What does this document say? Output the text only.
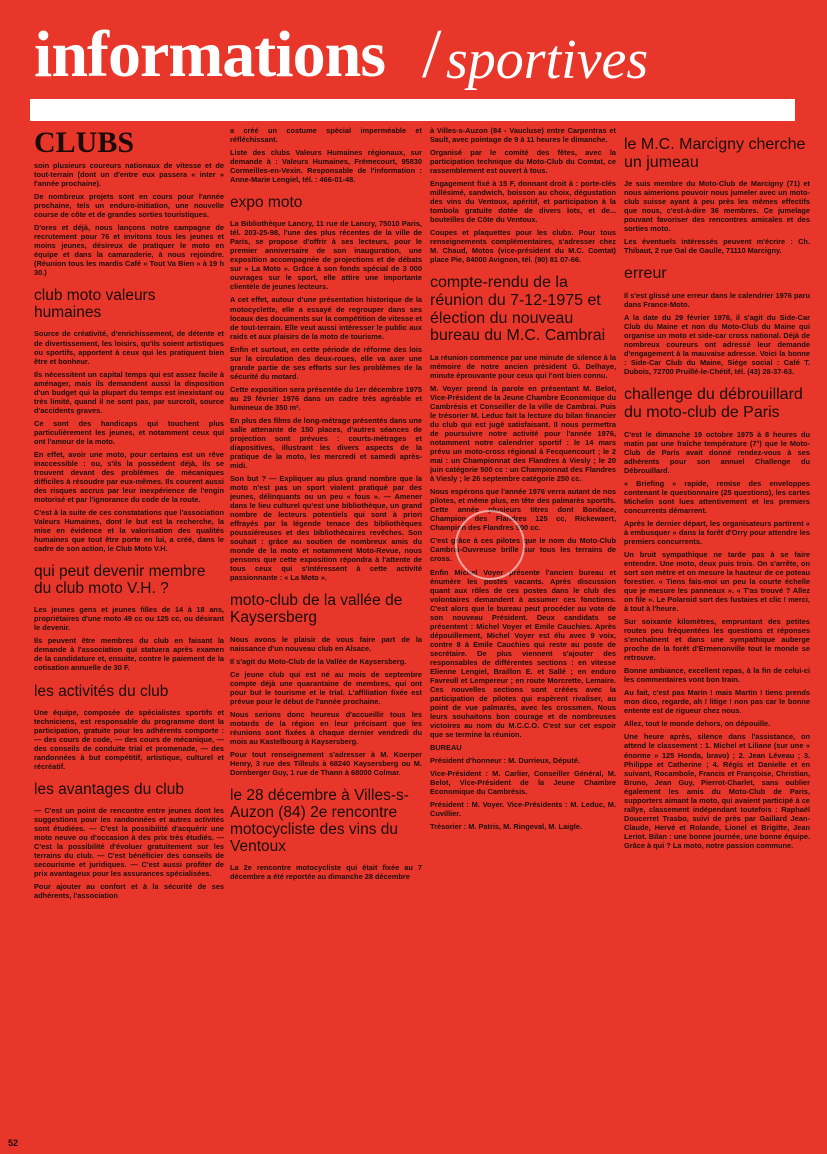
informations / sportives
CLUBS

soin plusieurs coureurs nationaux de vitesse et de tout-terrain (dont un d'entre eux passera « inter » l'année prochaine).

De nombreux projets sont en cours pour l'année prochaine, tels un enduro-initiation, une nouvelle course de côte et de grandes sorties touristiques.

D'ores et déjà, nous lançons notre campagne de recrutement pour 76 et invitons tous les jeunes et moins jeunes, désireux de pratiquer le moto en équipe et dans la camaraderie, à nous rejoindre. (Réunion tous les mardis Café « Tout Va Bien » à 19 h 30.)

club moto valeurs humaines

Source de créativité, d'enrichissement, de détente et de divertissement, les loisirs, qu'ils soient artistiques ou sportifs, apportent à ceux qui les pratiquent bien être et bonheur.

Ils nécessitent un capital temps qui est assez facile à aménager, mais ils demandent aussi la disposition d'un budget qui la plupart du temps est inexistant ou très limité, quand il ne sont pas, par surcroît, source d'accidents graves.

Ce sont des handicaps qui touchent plus particulièrement les jeunes, et notamment ceux qui ont l'amour de la moto.

En effet, avoir une moto, pour certains est un rêve inaccessible : ou, s'ils la possèdent déjà, ils se trouvent devant des problèmes de mécaniques difficiles à résoudre par eux-mêmes. Ils courent aussi des risques accrus par leur inexpérience de l'engin motorisé et par l'ignorance du code de la route.

C'est à la suite de ces constatations que l'association Valeurs Humaines, dont le but est la recherche, la mise en évidence et la valorisation des qualités humaines que tout être porte en lui, a créé, dans le cadre de son action, le Club Moto V.H.

qui peut devenir membre du club moto V.H. ?

Les jeunes gens et jeunes filles de 14 à 18 ans, propriétaires d'une moto 49 cc ou 125 cc, ou désirant le devenir.

Ils peuvent être membres du club en faisant la demande à l'association qui statuera après examen de la candidature et, ensuite, contre le paiement de la cotisation annuelle de 30 F.

les activités du club

Une équipe, composée de spécialistes sportifs et techniciens, est responsable du programme dont la participation, gratuite pour les adhérents comporte : — des cours de code, — des cours de mécanique, — des conseils de conduite trial et promenade, — des randonnées à but compétitif, artistique, culturel et récréatif.

les avantages du club

— C'est un point de rencontre entre jeunes dont les suggestions pour les randonnées et autres activités sont étudiées. — C'est la possibilité d'acquérir une moto neuve ou d'occasion à des prix très étudiés. — C'est la possibilité d'évoluer gratuitement sur les terrains du club. — C'est bénéficier des conseils de secourisme et juridiques. — C'est aussi profiter de prix avantageux pour les assurances spécialisées.

Pour ajouter au confort et à la sécurité de ses adhérents, l'association

a créé un costume spécial imperméable et réfléchissant.

Liste des clubs Valeurs Humaines régionaux, sur demande à : Valeurs Humaines, Frémecourt, 95830 Cormeilles-en-Vexin. Responsable de l'information : Anne-Marie Lengiel, tél. : 466-01-48.

expo moto

La Bibliothèque Lancry, 11 rue de Lancry, 75010 Paris, tél. 203-25-98, l'une des plus récentes de la ville de Paris, se propose d'offrir à ses lecteurs, pour le premier anniversaire de son inauguration, une exposition accompagnée de projections et de débats sur « La Moto ». Grâce à son fonds spécial de 3 000 ouvrages sur le sport, elle attire une importante clientèle de jeunes lecteurs.

A cet effet, autour d'une présentation historique de la motocyclette, elle a essayé de regrouper dans ses locaux des documents sur la compétition de vitesse et de tout-terrain. Elle veut aussi intéresser le public aux raids et aux plaisirs de la moto de tourisme.

Enfin et surtout, en cette période de réforme des lois sur la circulation des deux-roues, elle va axer une grande partie de ses efforts sur les problèmes de la sécurité du motard.

Cette exposition sera présentée du 1er décembre 1975 au 29 février 1976 dans un cadre très agréable et lumineux de 350 m².

En plus des films de long-métrage présentés dans une salle attenante de 150 places, d'autres séances de projection sont prévues : courts-métrages et diapositives, illustrant les divers aspects de la pratique de la moto, les mercredi et samedi après-midi.

Son but ? — Expliquer au plus grand nombre que la moto n'est pas un sport violent pratiqué par des jeunes, délinquants ou un peu « fous ». — Amener dans le lieu culturel qu'est une bibliothèque, un grand nombre de lecteurs potentiels qui sont à priori effrayés par la légende tenace des bibliothèques poussiéreuses et des bibliothécaires revêches. Son souhait : grâce au soutien de nombreux amis du monde de la moto et notamment Moto-Revue, nous pensons que cette exposition répondra à l'attente de tous ceux qui s'intéressent à cette activité passionnante : « La Moto ».

moto-club de la vallée de Kaysersberg

Nous avons le plaisir de vous faire part de la naissance d'un nouveau club en Alsace.

Il s'agit du Moto-Club de la Vallée de Kaysersberg.

Ce jeune club qui est né au mois de septembre compte déjà une quarantaine de membres, qui ont pour but le tourisme et le trial. L'affiliation fixée est prévue pour le début de l'année prochaine.

Nous serions donc heureux d'accueillir tous les motards de la région en leur précisant que les réunions sont fixées à chaque dernier vendredi du mois au Kastelbourg à Kaysersberg.

Pour tout renseignement s'adresser à M. Koerper Henry, 3 rue des Tilleuls à 68240 Kaysersberg ou M. Dornberger Guy, 1 rue de Thann à 68000 Colmar.

le 28 décembre à Villes-s-Auzon (84) 2e rencontre motocycliste des vins du Ventoux

La 2e rencontre motocycliste qui était fixée au 7 décembre a été reportée au dimanche 28 décembre

à Villes-s-Auzon (84 - Vaucluse) entre Carpentras et Sault, avec pointage de 9 à 11 heures le dimanche.

Organisé par le comité des fêtes, avec la participation technique du Moto-Club du Comtat, ce rassemblement est ouvert à tous.

Engagement fixé à 15 F, donnant droit à : porte-clés millésimé, sandwich, boisson au choix, dégustation des vins du Ventoux, apéritif, et participation à la tombola gratuite dotée de divers lots, et de... bouteilles de Côte du Ventoux.

Coupes et plaquettes pour les clubs. Pour tous renseignements complémentaires, s'adresser chez M. Chaud, Motos (vice-président du M.C. Comtat) place Pie, 84000 Avignon, tél. (90) 81 07-66.

compte-rendu de la réunion du 7-12-1975 et élection du nouveau bureau du M.C. Cambrai

La réunion commence par une minute de silence à la mémoire de notre ancien président G. Delhaye, minute éprouvante pour ceux qui l'ont bien connu.

M. Voyer prend la parole en présentant M. Belot, Vice-Président de la Jeune Chambre Economique du Cambrésis et Conseiller de la ville de Cambrai. Puis le trésorier M. Leduc fait la lecture du bilan financier du club qui est jugé satisfaisant. Il nous permettra de poursuivre notre activité pour l'année 1976, notamment notre calendrier sportif : le 14 mars prévu un moto-cross régional à Fecquencourt ; le 2 mai : un Championnat des Flandres à Viesly ; le 20 juin catégorie 500 cc : un Championnat des Flandres à Viesly ; le 26 septembre catégorie 250 cc.

Nous espérons que l'année 1976 verra autant de nos pilotes, et même plus, en tête des palmarès sportifs. Cette année plusieurs titres dont Boniface, Champion des Flandres 125 cc, Rickewaert, Champion des Flandres 500 cc.

C'est grâce à ces pilotes que le nom du Moto-Club Cambrai-Ouvreuse brille sur tous les terrains de cross.

Enfin Michel Voyer présente l'ancien bureau et énumère les postes vacants. Après discussion quant aux rôles de ces postes dans le club des volontaires demandent à assumer ces fonctions. C'est alors que le bureau peut procéder au vote de son nouveau Président. Deux candidats se présentent : Michel Voyer et Emile Cauchies. Après dépouillement, Michel Voyer est élu avec 9 voix, contre 8 à Emile Cauchies qui reste au poste de secrétaire. De plus viennent s'ajouter des responsables de différentes sections : en vitesse Elienne Lengiel, Braillon E. et Sallé ; en enduro Favreull et Lempereur ; en route Morcrette, Lemaire. Ces nouvelles sections sont créées avec la participation de pilotes qui espèrent rivaliser, au point de vue palmarès, avec les crossmen. Nous leurs souhaitons bon courage et de nombreuses victoires au nom du M.C.C.O. C'est sur cet espoir que se termine la réunion.

BUREAU

Président d'honneur : M. Durrieux, Député.

Vice-Président : M. Carlier, Conseiller Général, M. Belot, Vice-Président de la Jeune Chambre Economique du Cambrésis.

Président : M. Voyer. Vice-Présidents : M. Leduc, M. Cuvillier.

Trésorier : M. Patris, M. Ringeval, M. Laigle.

le M.C. Marcigny cherche un jumeau

Je suis membre du Moto-Club de Marcigny (71) et nous aimerions pouvoir nous jumeler avec un moto-club suisse ayant à peu près les mêmes effectifs que nous, c'est-à-dire 36 membres. Ce jumelage pouvant favoriser des rencontres amicales et des sorties moto.

Les éventuels intéressés peuvent m'écrire : Ch. Thibaut, 2 rue Gal de Gaulle, 71110 Marcigny.

erreur

Il s'est glissé une erreur dans le calendrier 1976 paru dans France-Moto.

A la date du 29 février 1976, il s'agit du Side-Car Club du Maine et non du Moto-Club du Maine qui organise un moto et side-car cross national. Déjà de nombreux coureurs ont adressé leur demande d'engagement à la mauvaise adresse. Voici la bonne : Side-Car Club du Maine, Siège social : Café T. Dubois, 72700 Pruillé-le-Chétif, tél. (43) 28-37-63.

challenge du débrouillard du moto-club de Paris

C'est le dimanche 19 octobre 1975 à 8 heures du matin par une fraîche température (7°) que le Moto-Club de Paris avait donné rendez-vous à ses adhérents pour son annuel Challenge du Débrouillard.

« Briefing » rapide, remise des enveloppes contenant le questionnaire (25 questions), les cartes Michelin sont lues attentivement et les premiers concurrents démarrent.

Après le dernier départ, les organisateurs partirent « à embusquer » dans la forêt d'Orry pour attendre les premiers concurrents.

Un bruit sympathique ne tarde pas à se faire entendre. Une moto, deux puis trois. On s'arrête, on sort son mètre et on mesure la hauteur de ce poteau forestier. « Tiens fais-moi un peu la courte échelle que je mesure les panneaux ». « T'as trouvé ? Allez on file ». Le Polaroid sort des fustaies et clic ! merci, à tout à l'heure.

Sur soixante kilomètres, empruntant des petites routes peu fréquentées les questions et réponses s'enchaînent et dans une sympathique auberge proche de la forêt d'Ermenonville tout le monde se retrouve.

Bonne ambiance, excellent repas, à la fin de celui-ci les commentaires vont bon train.

Au fait, c'est pas Marin ! mais Martin ! tiens prends mon dico, regarde, ah ! litige ! non pas car le bonne entente est de rigueur chez nous.

Allez, tout le monde dehors, on dépouille.

Une heure après, silence dans l'assistance, on attend le classement : 1. Michel et Liliane (sur une « énorme » 125 Honda, bravo) ; 2. Jean Léveau ; 3. Philippe et Catherine ; 4. Régis et Danielle et en suivant, Rocambole, Francis et Françoise, Christian, Bruno, Jean Guy, Pierrot-Charlet, sans oublier également les amis du Moto-Club de Paris, supporters aimant la moto, qui avaient participé à ce rallye, classement indépendant toutefois : Raphaël Doucerret Trasbo, suivi de près par Gaillard Jean-Claude, Hervé et Rolande, Lionel et Brigitte, Jean Leriot. Bilan : une bonne journée, une bonne équipe. Grâce à qui ? La moto, notre passion commune.

52
